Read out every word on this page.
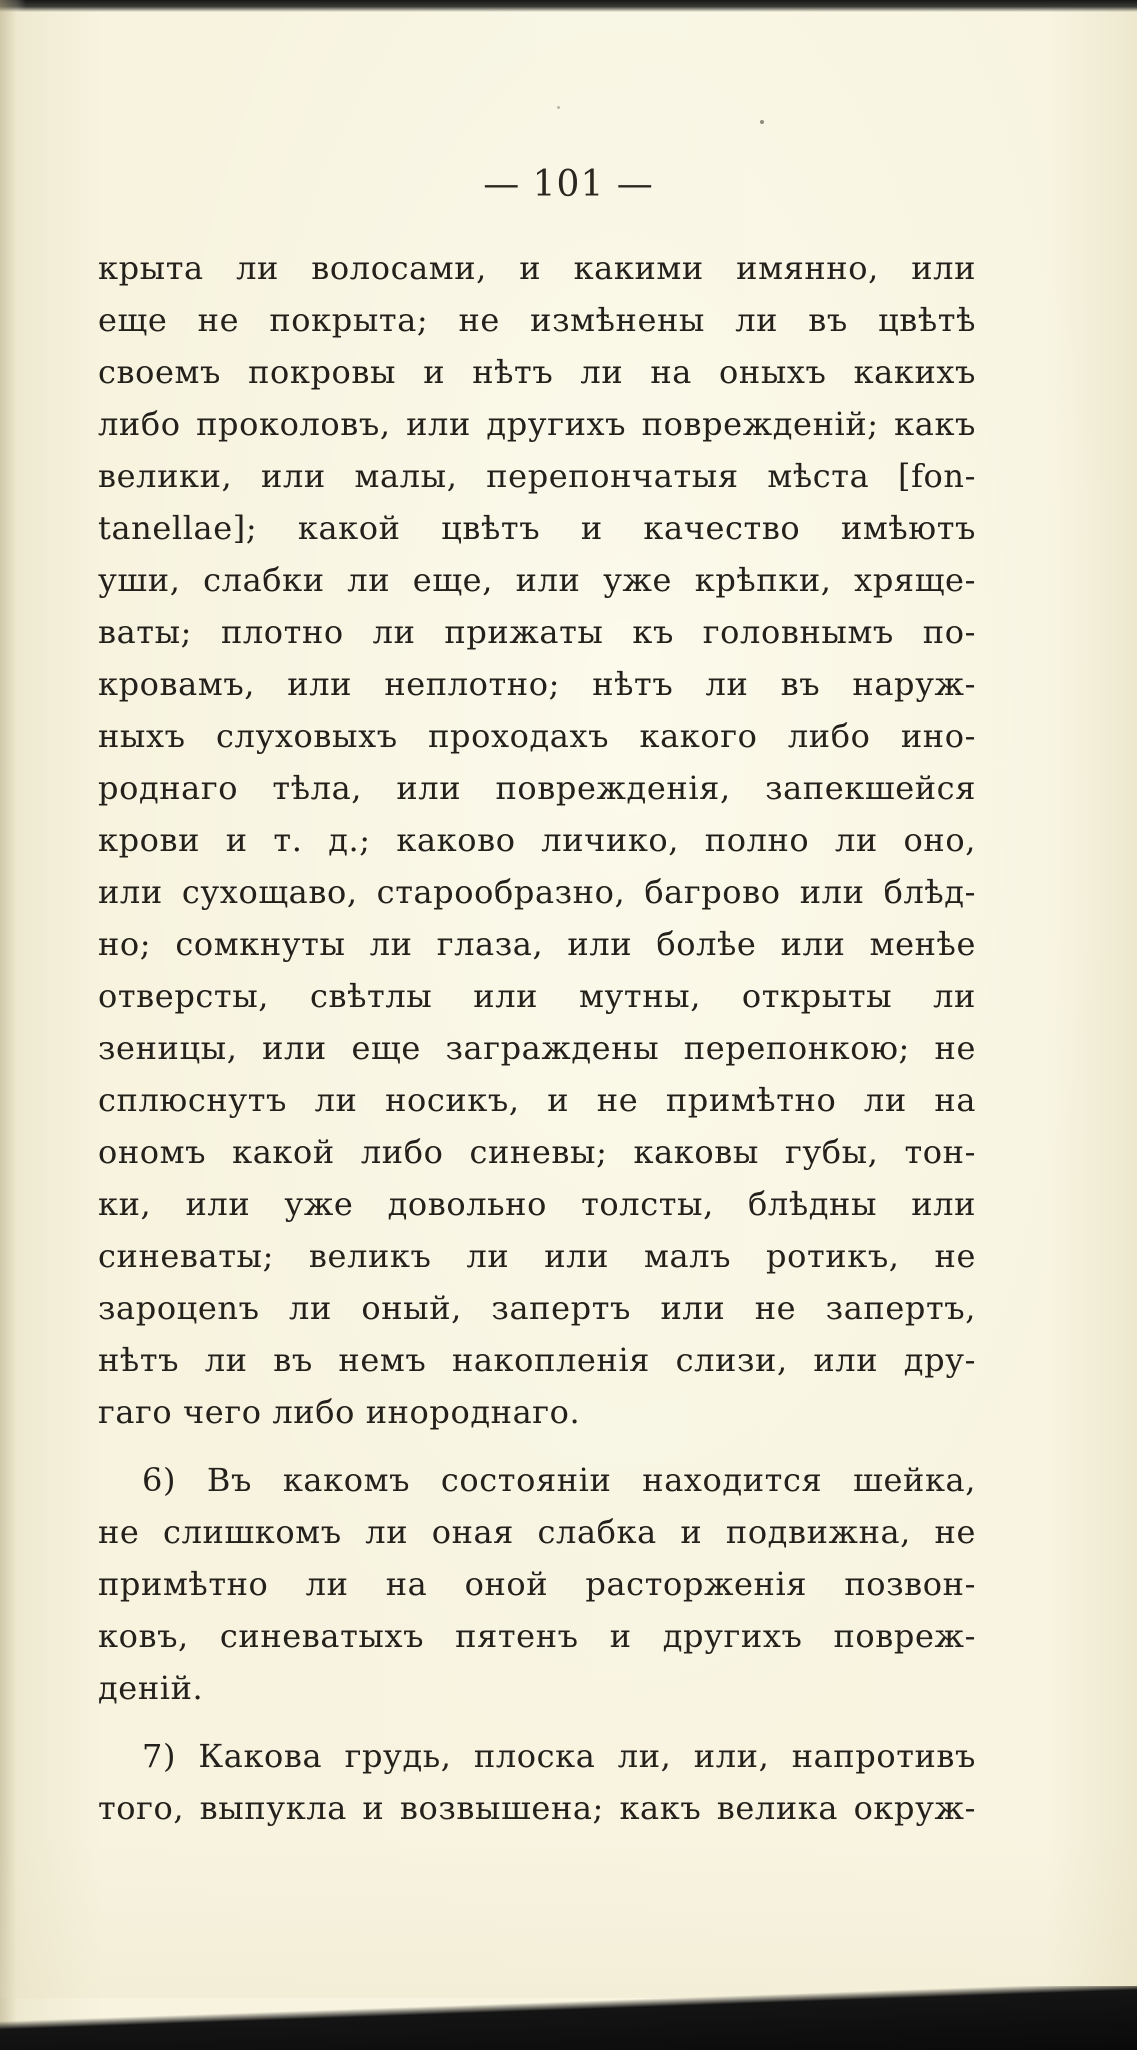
— 101 —
крыта ли волосами, и какими имянно, или
еще не покрыта; не измѣнены ли въ цвѣтѣ
своемъ покровы и нѣтъ ли на оныхъ какихъ
либо проколовъ, или другихъ поврежденій; какъ
велики, или малы, перепончатыя мѣста [fon-
tanellae]; какой цвѣтъ и качество имѣютъ
уши, слабки ли еще, или уже крѣпки, хряще-
ваты; плотно ли прижаты къ головнымъ по-
кровамъ, или неплотно; нѣтъ ли въ наруж-
ныхъ слуховыхъ проходахъ какого либо ино-
роднаго тѣла, или поврежденія, запекшейся
крови и т. д.; каково личико, полно ли оно,
или сухощаво, старообразно, багрово или блѣд-
но; сомкнуты ли глаза, или болѣе или менѣе
отверсты, свѣтлы или мутны, открыты ли
зеницы, или еще заграждены перепонкою; не
сплюснутъ ли носикъ, и не примѣтно ли на
ономъ какой либо синевы; каковы губы, тон-
ки, или уже довольно толсты, блѣдны или
синеваты; великъ ли или малъ ротикъ, не
зароцenъ ли оный, запертъ или не запертъ,
нѣтъ ли въ немъ накопленія слизи, или дру-
гаго чего либо инороднаго.
6) Въ какомъ состояніи находится шейка,
не слишкомъ ли оная слабка и подвижна, не
примѣтно ли на оной расторженія позвон-
ковъ, синеватыхъ пятенъ и другихъ повреж-
деній.
7) Какова грудь, плоска ли, или, напротивъ
того, выпукла и возвышена; какъ велика окруж-
